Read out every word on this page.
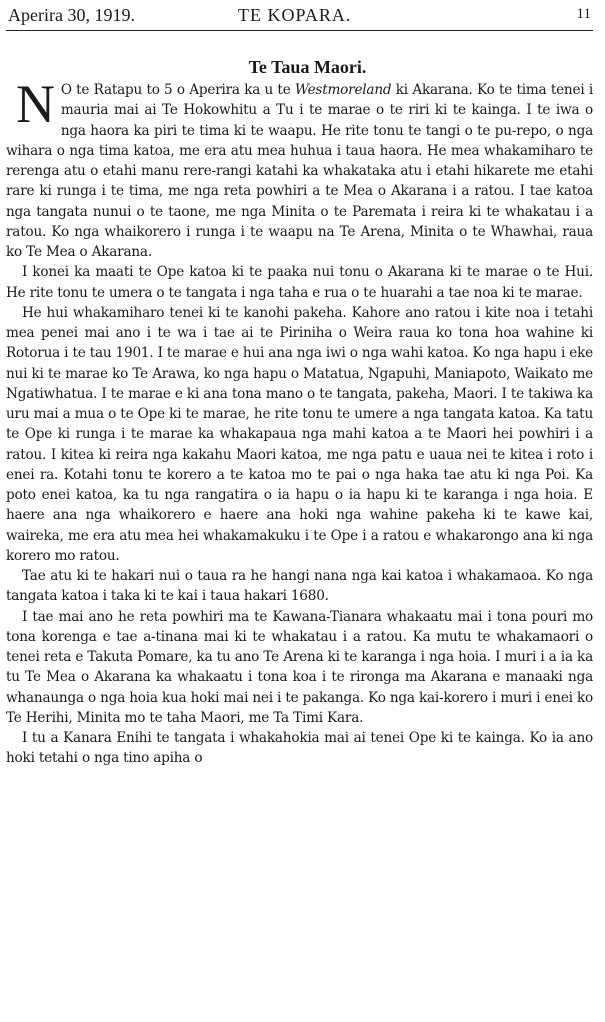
Aperira 30, 1919.	TE KOPARA.	11
Te Taua Maori.

N O te Ratapu to 5 o Aperira ka u te Westmoreland ki Akarana. Ko te tima tenei i mauria mai ai Te Hokowhitu a Tu i te marae o te riri ki te kainga. I te iwa o nga haora ka piri te tima ki te waapu. He rite tonu te tangi o te pu-repo, o nga wihara o nga tima katoa, me era atu mea huhua i taua haora. He mea whakamiharo te rerenga atu o etahi manu rere-rangi katahi ka whakataka atu i etahi hikarete me etahi rare ki runga i te tima, me nga reta powhiri a te Mea o Akarana i a ratou. I tae katoa nga tangata nunui o te taone, me nga Minita o te Paremata i reira ki te whakatau i a ratou. Ko nga whaikorero i runga i te waapu na Te Arena, Minita o te Whawhai, raua ko Te Mea o Akarana.

I konei ka maati te Ope katoa ki te paaka nui tonu o Akarana ki te marae o te Hui. He rite tonu te umera o te tangata i nga taha e rua o te huarahi a tae noa ki te marae.

He hui whakamiharo tenei ki te kanohi pakeha. Kahore ano ratou i kite noa i tetahi mea penei mai ano i te wa i tae ai te Piriniha o Weira raua ko tona hoa wahine ki Rotorua i te tau 1901. I te marae e hui ana nga iwi o nga wahi katoa. Ko nga hapu i eke nui ki te marae ko Te Arawa, ko nga hapu o Matatua, Ngapuhi, Maniapoto, Waikato me Ngatiwhatua. I te marae e ki ana tona mano o te tangata, pakeha, Maori. I te takiwa ka uru mai a mua o te Ope ki te marae, he rite tonu te umere a nga tangata katoa. Ka tatu te Ope ki runga i te marae ka whakapaua nga mahi katoa a te Maori hei powhiri i a ratou. I kitea ki reira nga kakahu Maori katoa, me nga patu e uaua nei te kitea i roto i enei ra. Kotahi tonu te korero a te katoa mo te pai o nga haka tae atu ki nga Poi. Ka poto enei katoa, ka tu nga rangatira o ia hapu o ia hapu ki te karanga i nga hoia. E haere ana nga whaikorero e haere ana hoki nga wahine pakeha ki te kawe kai, waireka, me era atu mea hei whakamakuku i te Ope i a ratou e whakarongo ana ki nga korero mo ratou.

Tae atu ki te hakari nui o taua ra he hangi nana nga kai katoa i whakamaoa. Ko nga tangata katoa i taka ki te kai i taua hakari 1680.

I tae mai ano he reta powhiri ma te Kawana-Tianara whakaatu mai i tona pouri mo tona korenga e tae a-tinana mai ki te whakatau i a ratou. Ka mutu te whakamaori o tenei reta e Takuta Pomare, ka tu ano Te Arena ki te karanga i nga hoia. I muri i a ia ka tu Te Mea o Akarana ka whakaatu i tona koa i te rironga ma Akarana e manaaki nga whanaunga o nga hoia kua hoki mai nei i te pakanga. Ko nga kai-korero i muri i enei ko Te Herihi, Minita mo te taha Maori, me Ta Timi Kara.

I tu a Kanara Enihi te tangata i whakahokia mai ai tenei Ope ki te kainga. Ko ia ano hoki tetahi o nga tino apiha o
